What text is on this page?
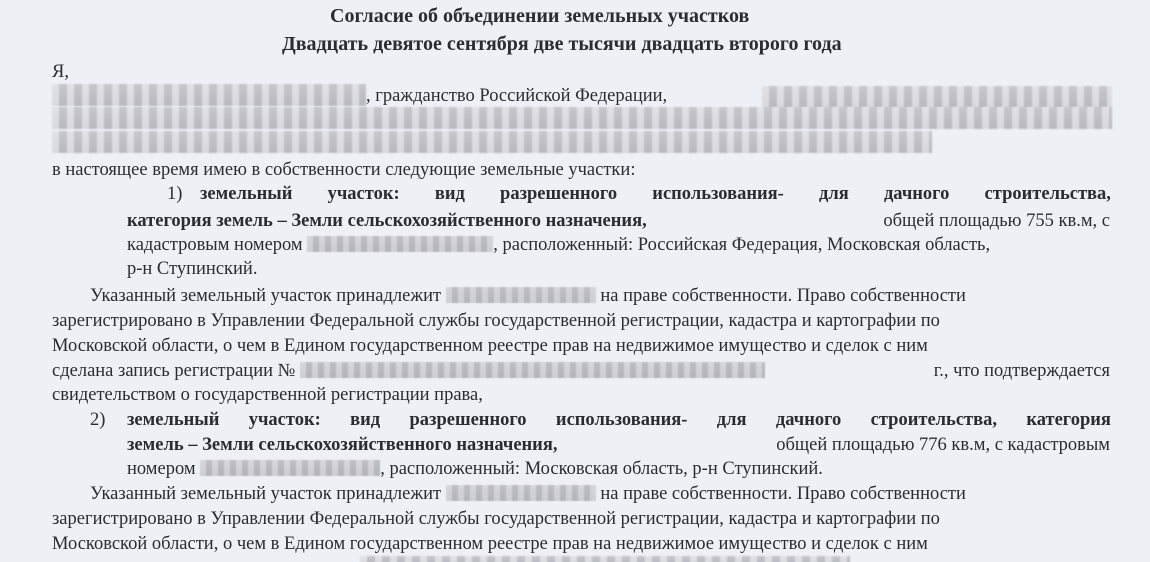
Согласие об объединении земельных участков
Двадцать девятое сентября две тысячи двадцать второго года
Я,
, гражданство Российской Федерации,
в настоящее время имею в собственности следующие земельные участки:
1) земельный участок: вид разрешенного использования- для дачного строительства,
категория земель – Земли сельскохозяйственного назначения,	общей площадью 755 кв.м, с
кадастровым номером	, расположенный: Российская Федерация, Московская область,
р-н Ступинский.
Указанный земельный участок принадлежит	на праве собственности. Право собственности
зарегистрировано в Управлении Федеральной службы государственной регистрации, кадастра и картографии по
Московской области, о чем в Едином государственном реестре прав на недвижимое имущество и сделок с ним
сделана запись регистрации №	г., что подтверждается
свидетельством о государственной регистрации права,
2) земельный участок: вид разрешенного использования- для дачного строительства, категория
земель – Земли сельскохозяйственного назначения,	общей площадью 776 кв.м, с кадастровым
номером	, расположенный: Московская область, р-н Ступинский.
Указанный земельный участок принадлежит	на праве собственности. Право собственности
зарегистрировано в Управлении Федеральной службы государственной регистрации, кадастра и картографии по
Московской области, о чем в Едином государственном реестре прав на недвижимое имущество и сделок с ним
